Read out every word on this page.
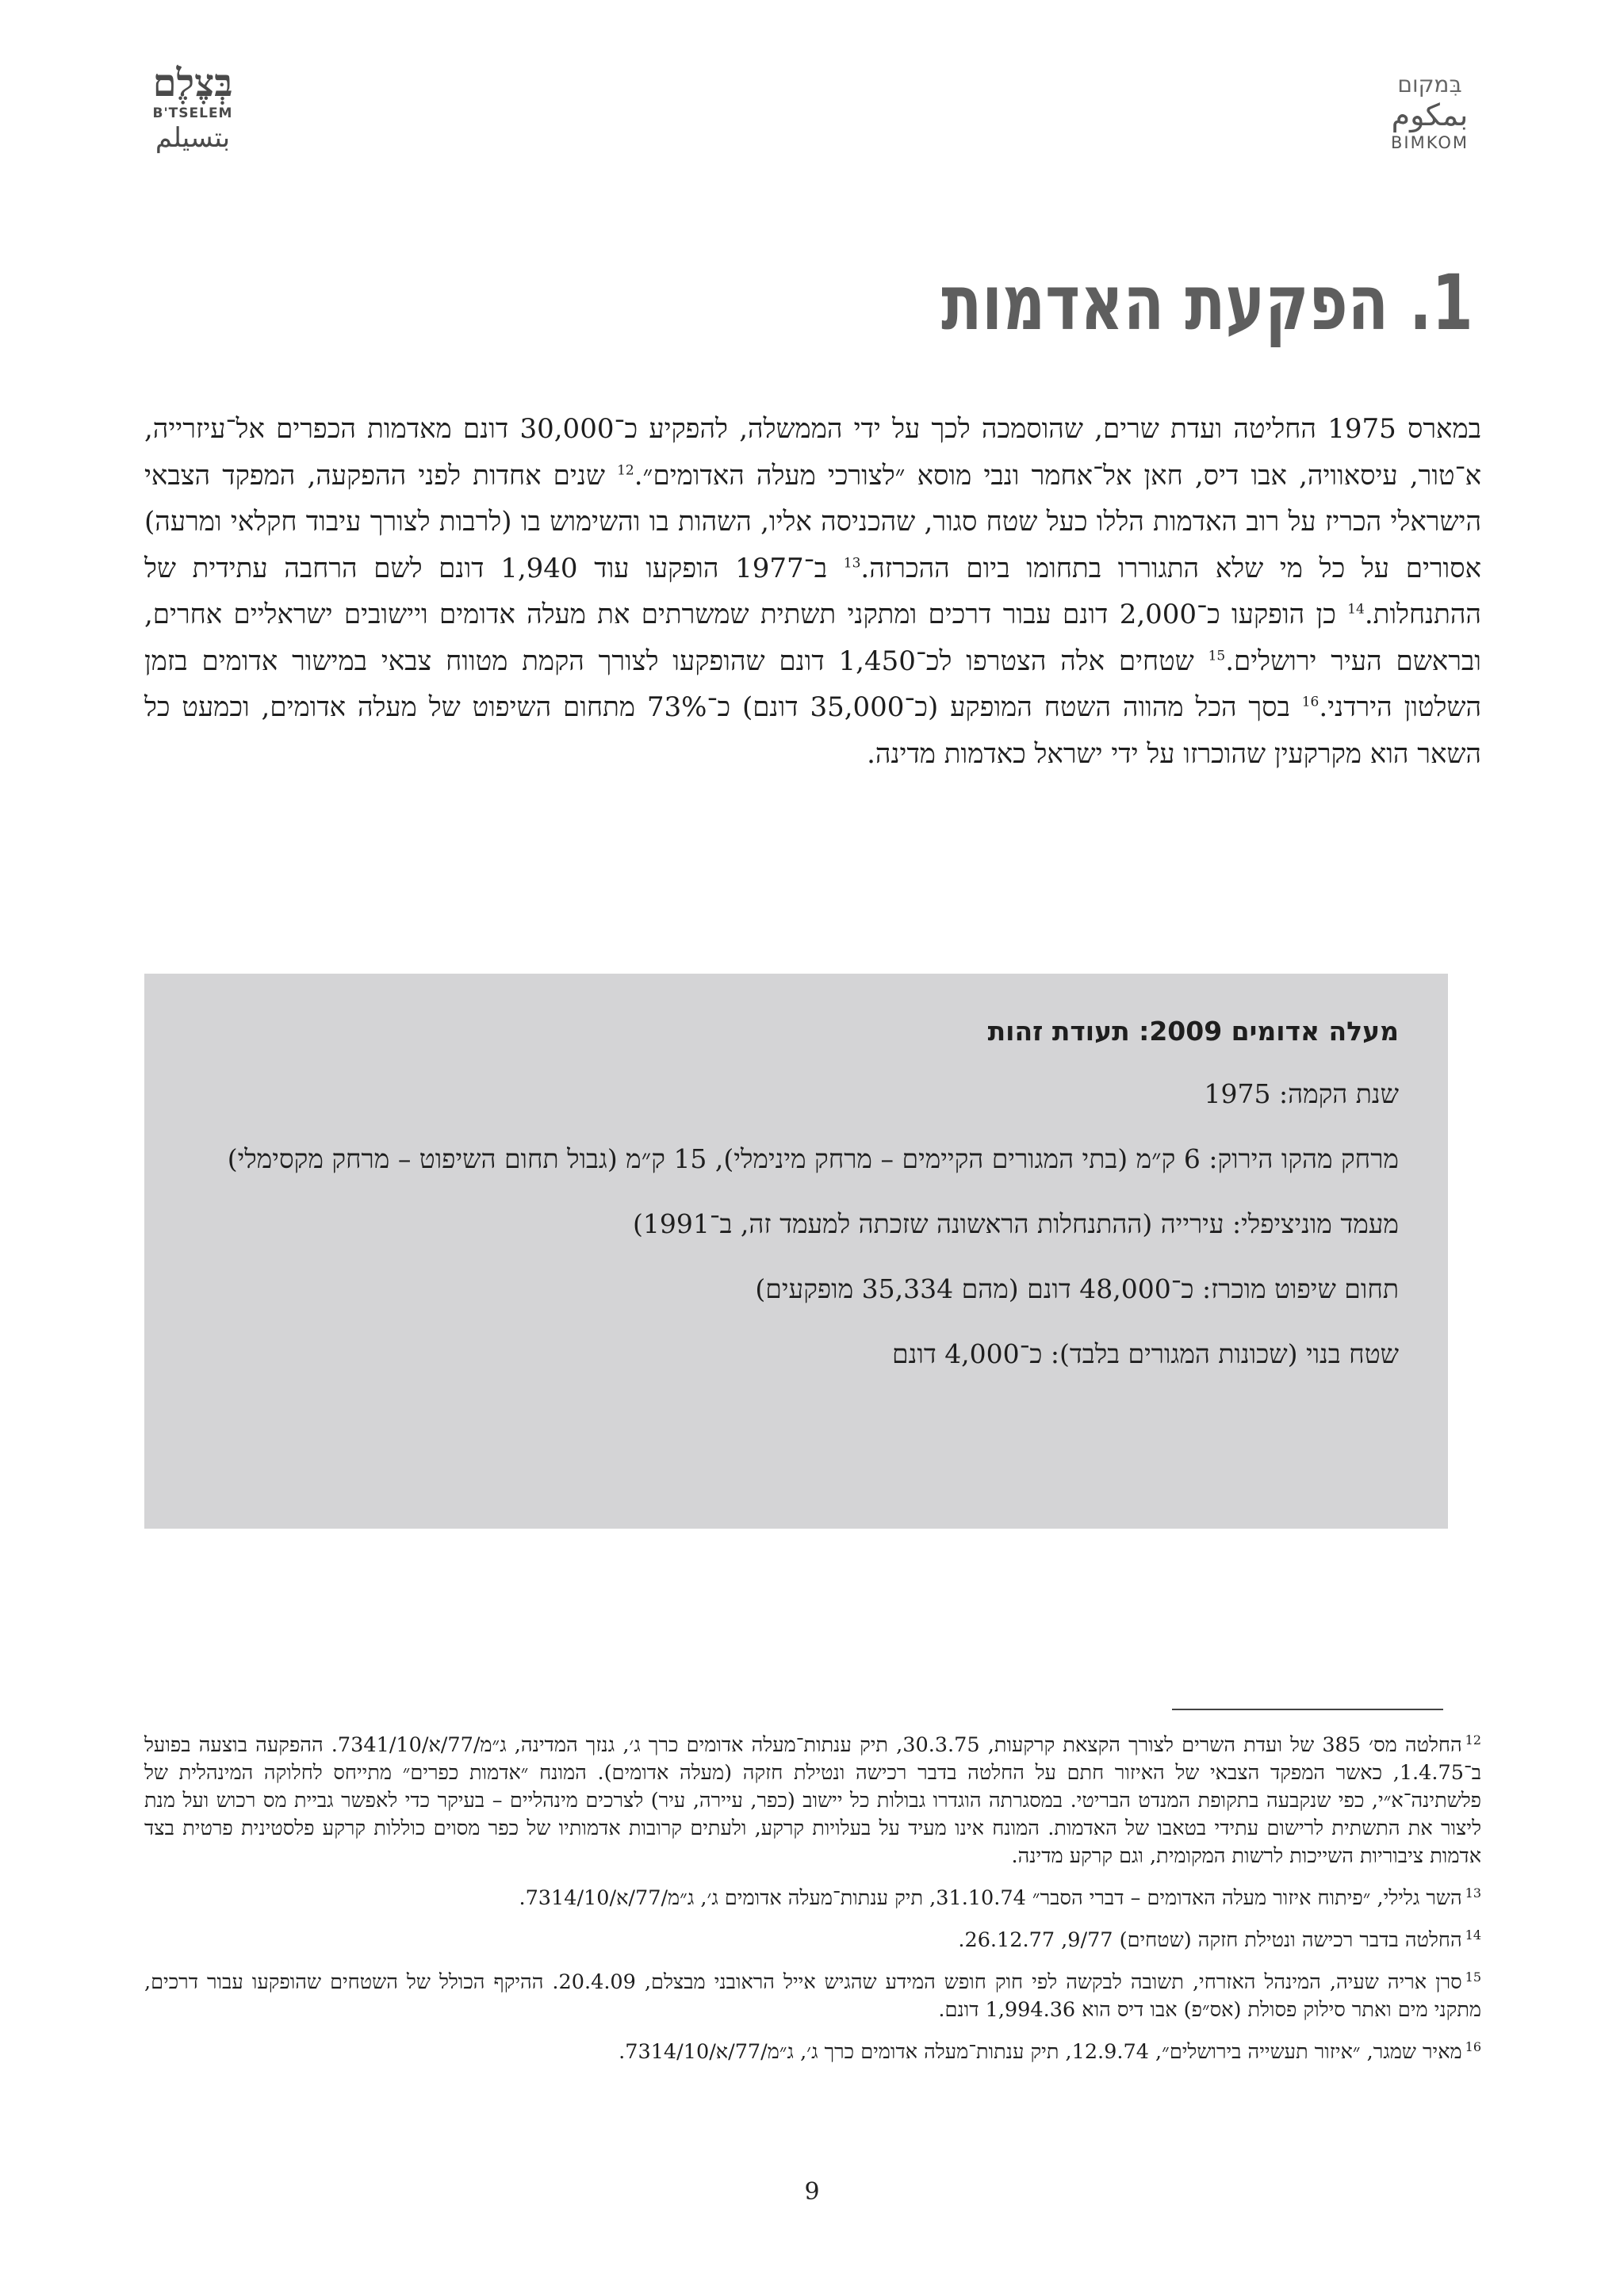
בְּצֶלֶם
B'TSELEM
بتسيلم
בִּמקום
بمكوم
BIMKOM
1. הפקעת האדמות

במארס 1975 החליטה ועדת שרים, שהוסמכה לכך על ידי הממשלה, להפקיע כ־30,000 דונם מאדמות הכפרים אל־עיזרייה, א־טור, עיסאוויה, אבו דיס, חאן אל־אחמר ונבי מוסא ״לצורכי מעלה האדומים״.$^{12}$ שנים אחדות לפני ההפקעה, המפקד הצבאי הישראלי הכריז על רוב האדמות הללו כעל שטח סגור, שהכניסה אליו, השהות בו והשימוש בו (לרבות לצורך עיבוד חקלאי ומרעה) אסורים על כל מי שלא התגוררו בתחומו ביום ההכרזה.$^{13}$ ב־1977 הופקעו עוד 1,940 דונם לשם הרחבה עתידית של ההתנחלות.$^{14}$ כן הופקעו כ־2,000 דונם עבור דרכים ומתקני תשתית שמשרתים את מעלה אדומים ויישובים ישראליים אחרים, ובראשם העיר ירושלים.$^{15}$ שטחים אלה הצטרפו לכ־1,450 דונם שהופקעו לצורך הקמת מטווח צבאי במישור אדומים בזמן השלטון הירדני.$^{16}$ בסך הכל מהווה השטח המופקע (כ־35,000 דונם) כ־73% מתחום השיפוט של מעלה אדומים, וכמעט כל השאר הוא מקרקעין שהוכרזו על ידי ישראל כאדמות מדינה.

מעלה אדומים 2009: תעודת זהות

שנת הקמה: 1975

מרחק מהקו הירוק: 6 ק״מ (בתי המגורים הקיימים – מרחק מינימלי), 15 ק״מ (גבול תחום השיפוט – מרחק מקסימלי)

מעמד מוניציפלי: עירייה (ההתנחלות הראשונה שזכתה למעמד זה, ב־1991)

תחום שיפוט מוכרז: כ־48,000 דונם (מהם 35,334 מופקעים)

שטח בנוי (שכונות המגורים בלבד): כ־4,000 דונם

$^{12}$החלטה מס׳ 385 של ועדת השרים לצורך הקצאת קרקעות, 30.3.75, תיק ענתות־מעלה אדומים כרך ג׳, גנזך המדינה, ג״מ/77/א/7341/10. ההפקעה בוצעה בפועל ב־1.4.75, כאשר המפקד הצבאי של האיזור חתם על החלטה בדבר רכישה ונטילת חזקה (מעלה אדומים). המונח ״אדמות כפרים״ מתייחס לחלוקה המינהלית של פלשתינה־א״י, כפי שנקבעה בתקופת המנדט הבריטי. במסגרתה הוגדרו גבולות כל יישוב (כפר, עיירה, עיר) לצרכים מינהליים – בעיקר כדי לאפשר גביית מס רכוש ועל מנת ליצור את התשתית לרישום עתידי בטאבו של האדמות. המונח אינו מעיד על בעלויות קרקע, ולעתים קרובות אדמותיו של כפר מסוים כוללות קרקע פלסטינית פרטית בצד אדמות ציבוריות השייכות לרשות המקומית, וגם קרקע מדינה.

$^{13}$השר גלילי, ״פיתוח איזור מעלה האדומים – דברי הסבר״ 31.10.74, תיק ענתות־מעלה אדומים ג׳, ג״מ/77/א/7314/10.

$^{14}$החלטה בדבר רכישה ונטילת חזקה (שטחים) 9/77, 26.12.77.

$^{15}$סרן אריה שעיה, המינהל האזרחי, תשובה לבקשה לפי חוק חופש המידע שהגיש אייל הראובני מבצלם, 20.4.09. ההיקף הכולל של השטחים שהופקעו עבור דרכים, מתקני מים ואתר סילוק פסולת (אס״פ) אבו דיס הוא 1,994.36 דונם.

$^{16}$מאיר שמגר, ״איזור תעשייה בירושלים״, 12.9.74, תיק ענתות־מעלה אדומים כרך ג׳, ג״מ/77/א/7314/10.

9
